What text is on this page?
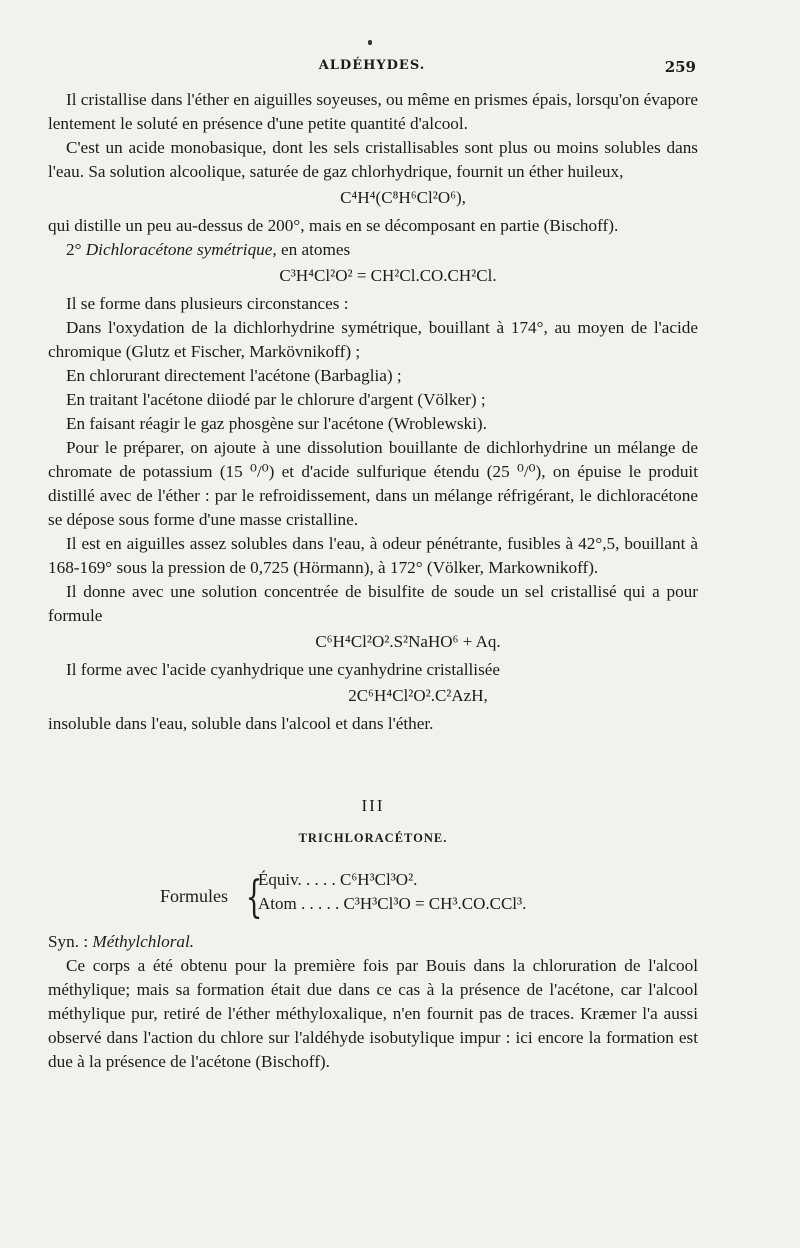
ALDÉHYDES.	259

Il cristallise dans l'éther en aiguilles soyeuses, ou même en prismes épais, lorsqu'on évapore lentement le soluté en présence d'une petite quantité d'alcool.

C'est un acide monobasique, dont les sels cristallisables sont plus ou moins solubles dans l'eau. Sa solution alcoolique, saturée de gaz chlorhydrique, fournit un éther huileux,

C⁴H⁴(C⁸H⁶Cl²O⁶),

qui distille un peu au-dessus de 200°, mais en se décomposant en partie (Bischoff).

2° Dichloracétone symétrique, en atomes

C³H⁴Cl²O² = CH²Cl.CO.CH²Cl.

Il se forme dans plusieurs circonstances :

Dans l'oxydation de la dichlorhydrine symétrique, bouillant à 174°, au moyen de l'acide chromique (Glutz et Fischer, Markövnikoff) ;

En chlorurant directement l'acétone (Barbaglia) ;

En traitant l'acétone diiodé par le chlorure d'argent (Völker) ;

En faisant réagir le gaz phosgène sur l'acétone (Wroblewski).

Pour le préparer, on ajoute à une dissolution bouillante de dichlorhydrine un mélange de chromate de potassium (15 ⁰/⁰) et d'acide sulfurique étendu (25 ⁰/⁰), on épuise le produit distillé avec de l'éther : par le refroidissement, dans un mélange réfrigérant, le dichloracétone se dépose sous forme d'une masse cristalline.

Il est en aiguilles assez solubles dans l'eau, à odeur pénétrante, fusibles à 42°,5, bouillant à 168-169° sous la pression de 0,725 (Hörmann), à 172° (Völker, Markownikoff).

Il donne avec une solution concentrée de bisulfite de soude un sel cristallisé qui a pour formule

C⁶H⁴Cl²O².S²NaHO⁶ + Aq.

Il forme avec l'acide cyanhydrique une cyanhydrine cristallisée

2C⁶H⁴Cl²O².C²AzH,

insoluble dans l'eau, soluble dans l'alcool et dans l'éther.

III
TRICHLORACÉTONE.
Formules {
Équiv. . . . . C⁶H³Cl³O².
Atom . . . . . C³H³Cl³O = CH³.CO.CCl³.

Syn. : Méthylchloral.

Ce corps a été obtenu pour la première fois par Bouis dans la chloruration de l'alcool méthylique; mais sa formation était due dans ce cas à la présence de l'acétone, car l'alcool méthylique pur, retiré de l'éther méthyloxalique, n'en fournit pas de traces. Kræmer l'a aussi observé dans l'action du chlore sur l'aldéhyde isobutylique impur : ici encore la formation est due à la présence de l'acétone (Bischoff).
